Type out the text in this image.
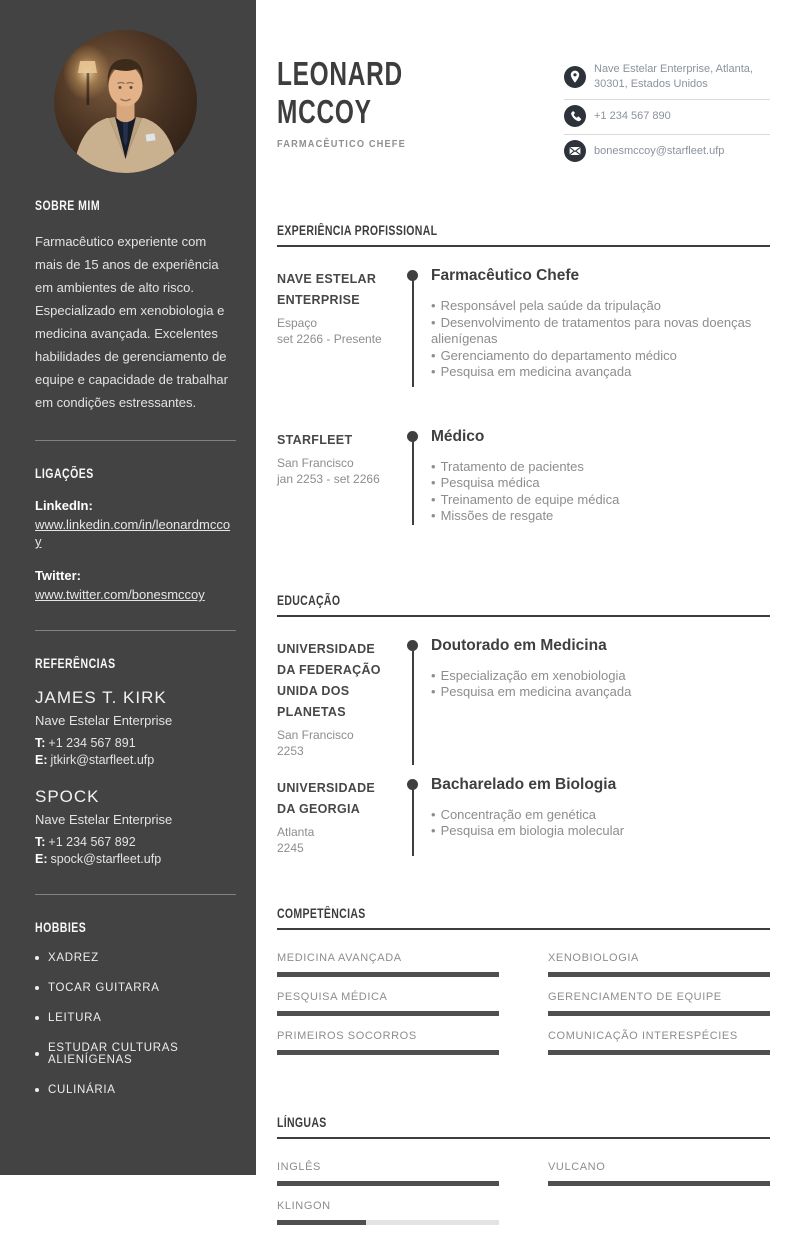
SOBRE MIM

Farmacêutico experiente com mais de 15 anos de experiência em ambientes de alto risco. Especializado em xenobiologia e medicina avançada. Excelentes habilidades de gerenciamento de equipe e capacidade de trabalhar em condições estressantes.

LIGAÇÕES
LinkedIn:
www.linkedin.com/in/leonardmccoy
Twitter:
www.twitter.com/bonesmccoy
REFERÊNCIAS
JAMES T. KIRK
Nave Estelar Enterprise
T: +1 234 567 891
E: jtkirk@starfleet.ufp
SPOCK
Nave Estelar Enterprise
T: +1 234 567 892
E: spock@starfleet.ufp
HOBBIES
XADREZ
TOCAR GUITARRA
LEITURA
ESTUDAR CULTURAS ALIENÍGENAS
CULINÁRIA
LEONARD
MCCOY
FARMACÊUTICO CHEFE
Nave Estelar Enterprise, Atlanta, 30301, Estados Unidos
+1 234 567 890
bonesmccoy@starfleet.ufp
EXPERIÊNCIA PROFISSIONAL
NAVE ESTELAR ENTERPRISE
Espaço
set 2266 - Presente
Farmacêutico Chefe
• Responsável pela saúde da tripulação
• Desenvolvimento de tratamentos para novas doenças alienígenas
• Gerenciamento do departamento médico
• Pesquisa em medicina avançada
STARFLEET
San Francisco
jan 2253 - set 2266
Médico
• Tratamento de pacientes
• Pesquisa médica
• Treinamento de equipe médica
• Missões de resgate
EDUCAÇÃO
UNIVERSIDADE DA FEDERAÇÃO UNIDA DOS PLANETAS
San Francisco
2253
Doutorado em Medicina
• Especialização em xenobiologia
• Pesquisa em medicina avançada
UNIVERSIDADE DA GEORGIA
Atlanta
2245
Bacharelado em Biologia
• Concentração em genética
• Pesquisa em biologia molecular
COMPETÊNCIAS
MEDICINA AVANÇADA	XENOBIOLOGIA
PESQUISA MÉDICA	GERENCIAMENTO DE EQUIPE
PRIMEIROS SOCORROS	COMUNICAÇÃO INTERESPÉCIES
LÍNGUAS
INGLÊS	VULCANO
KLINGON
